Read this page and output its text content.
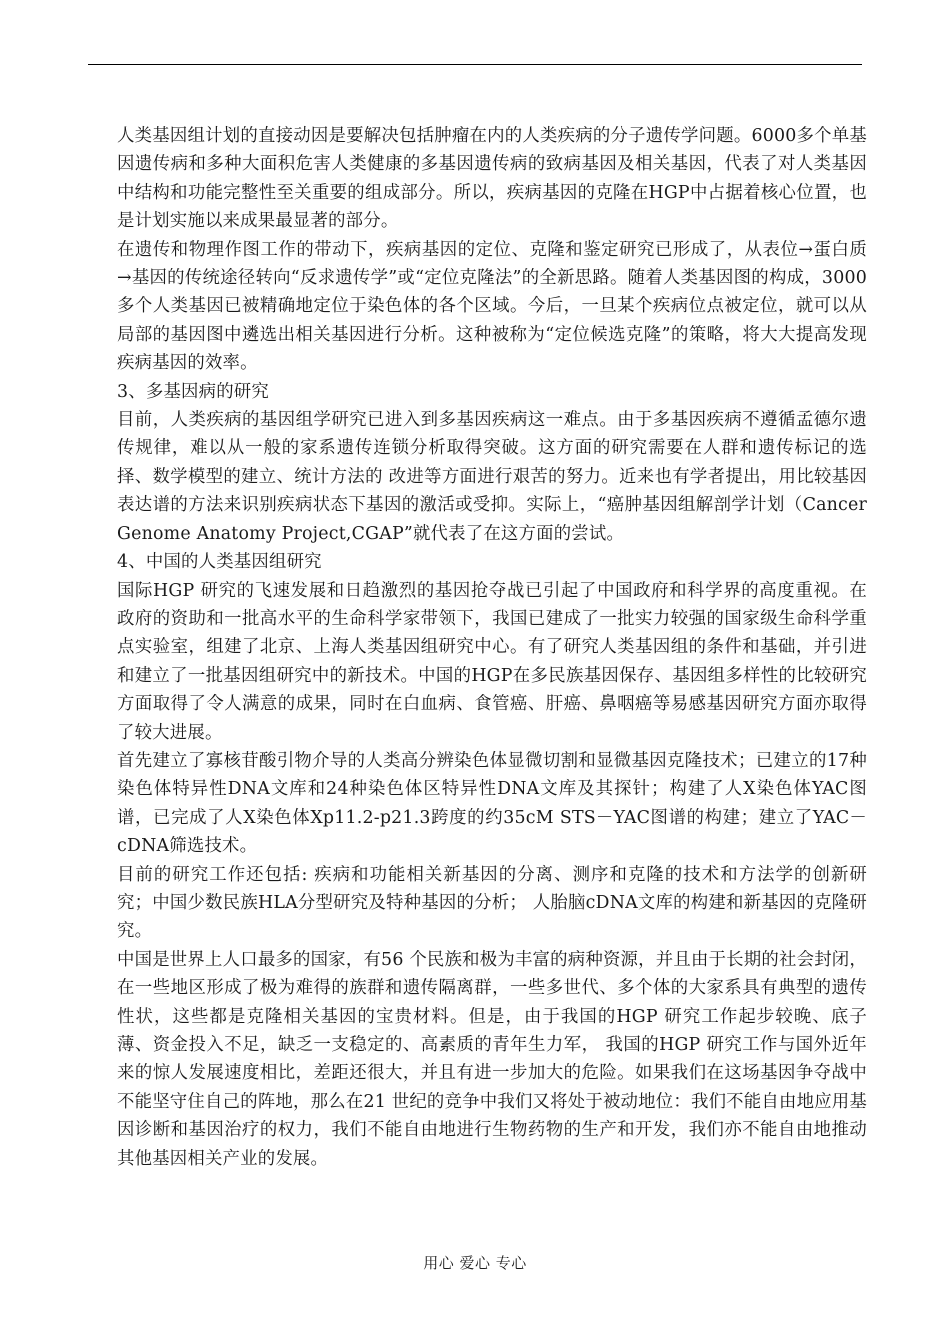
人类基因组计划的直接动因是要解决包括肿瘤在内的人类疾病的分子遗传学问题。6000多个单基因遗传病和多种大面积危害人类健康的多基因遗传病的致病基因及相关基因，代表了对人类基因中结构和功能完整性至关重要的组成部分。所以，疾病基因的克隆在HGP中占据着核心位置，也是计划实施以来成果最显著的部分。

在遗传和物理作图工作的带动下，疾病基因的定位、克隆和鉴定研究已形成了，从表位→蛋白质→基因的传统途径转向“反求遗传学”或“定位克隆法”的全新思路。随着人类基因图的构成，3000多个人类基因已被精确地定位于染色体的各个区域。今后，一旦某个疾病位点被定位，就可以从局部的基因图中遴选出相关基因进行分析。这种被称为“定位候选克隆”的策略，将大大提高发现疾病基因的效率。

3、多基因病的研究

目前，人类疾病的基因组学研究已进入到多基因疾病这一难点。由于多基因疾病不遵循孟德尔遗传规律，难以从一般的家系遗传连锁分析取得突破。这方面的研究需要在人群和遗传标记的选择、数学模型的建立、统计方法的 改进等方面进行艰苦的努力。近来也有学者提出，用比较基因表达谱的方法来识别疾病状态下基因的激活或受抑。实际上，“癌肿基因组解剖学计划（Cancer Genome Anatomy Project,CGAP”就代表了在这方面的尝试。

4、中国的人类基因组研究

国际HGP 研究的飞速发展和日趋激烈的基因抢夺战已引起了中国政府和科学界的高度重视。在政府的资助和一批高水平的生命科学家带领下，我国已建成了一批实力较强的国家级生命科学重点实验室，组建了北京、上海人类基因组研究中心。有了研究人类基因组的条件和基础，并引进和建立了一批基因组研究中的新技术。中国的HGP在多民族基因保存、基因组多样性的比较研究方面取得了令人满意的成果，同时在白血病、食管癌、肝癌、鼻咽癌等易感基因研究方面亦取得了较大进展。

首先建立了寡核苷酸引物介导的人类高分辨染色体显微切割和显微基因克隆技术；已建立的17种染色体特异性DNA文库和24种染色体区特异性DNA文库及其探针；构建了人X染色体YAC图谱，已完成了人X染色体Xp11.2-p21.3跨度的约35cM STS－YAC图谱的构建；建立了YAC－cDNA筛选技术。

目前的研究工作还包括: 疾病和功能相关新基因的分离、测序和克隆的技术和方法学的创新研究；中国少数民族HLA分型研究及特种基因的分析； 人胎脑cDNA文库的构建和新基因的克隆研究。

中国是世界上人口最多的国家，有56 个民族和极为丰富的病种资源，并且由于长期的社会封闭，在一些地区形成了极为难得的族群和遗传隔离群，一些多世代、多个体的大家系具有典型的遗传性状，这些都是克隆相关基因的宝贵材料。但是，由于我国的HGP 研究工作起步较晚、底子薄、资金投入不足，缺乏一支稳定的、高素质的青年生力军， 我国的HGP 研究工作与国外近年来的惊人发展速度相比，差距还很大，并且有进一步加大的危险。如果我们在这场基因争夺战中不能坚守住自己的阵地，那么在21 世纪的竞争中我们又将处于被动地位：我们不能自由地应用基因诊断和基因治疗的权力，我们不能自由地进行生物药物的生产和开发，我们亦不能自由地推动其他基因相关产业的发展。

用心 爱心 专心
